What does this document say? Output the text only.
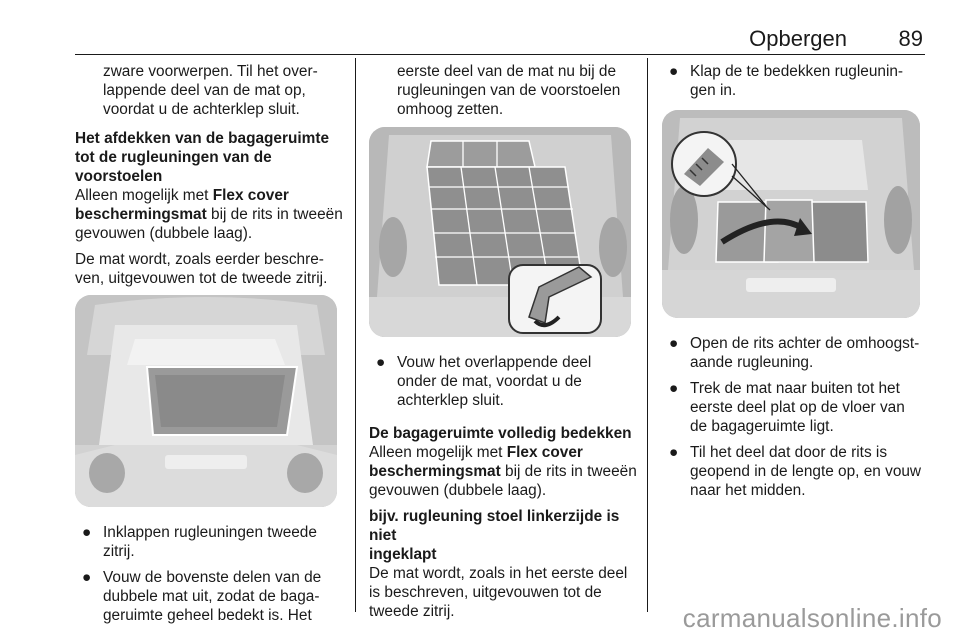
Opbergen 89
zware voorwerpen. Til het over-
lappende deel van de mat op,
voordat u de achterklep sluit.
Het afdekken van de bagageruimte
tot de rugleuningen van de
voorstoelen

Alleen mogelijk met Flex cover
beschermingsmat bij de rits in tweeën
gevouwen (dubbele laag).

De mat wordt, zoals eerder beschre-
ven, uitgevouwen tot de tweede zitrij.

● Inklappen rugleuningen tweede
zitrij.
● Vouw de bovenste delen van de
dubbele mat uit, zodat de baga-
geruimte geheel bedekt is. Het
eerste deel van de mat nu bij de
rugleuningen van de voorstoelen
omhoog zetten.
● Vouw het overlappende deel
onder de mat, voordat u de
achterklep sluit.
De bagageruimte volledig bedekken

Alleen mogelijk met Flex cover
beschermingsmat bij de rits in tweeën
gevouwen (dubbele laag).

bijv. rugleuning stoel linkerzijde is niet
ingeklapt

De mat wordt, zoals in het eerste deel
is beschreven, uitgevouwen tot de
tweede zitrij.

● Klap de te bedekken rugleunin-
gen in.
● Open de rits achter de omhoogst-
aande rugleuning.
● Trek de mat naar buiten tot het
eerste deel plat op de vloer van
de bagageruimte ligt.
● Til het deel dat door de rits is
geopend in de lengte op, en vouw
naar het midden.
carmanualsonline.info
